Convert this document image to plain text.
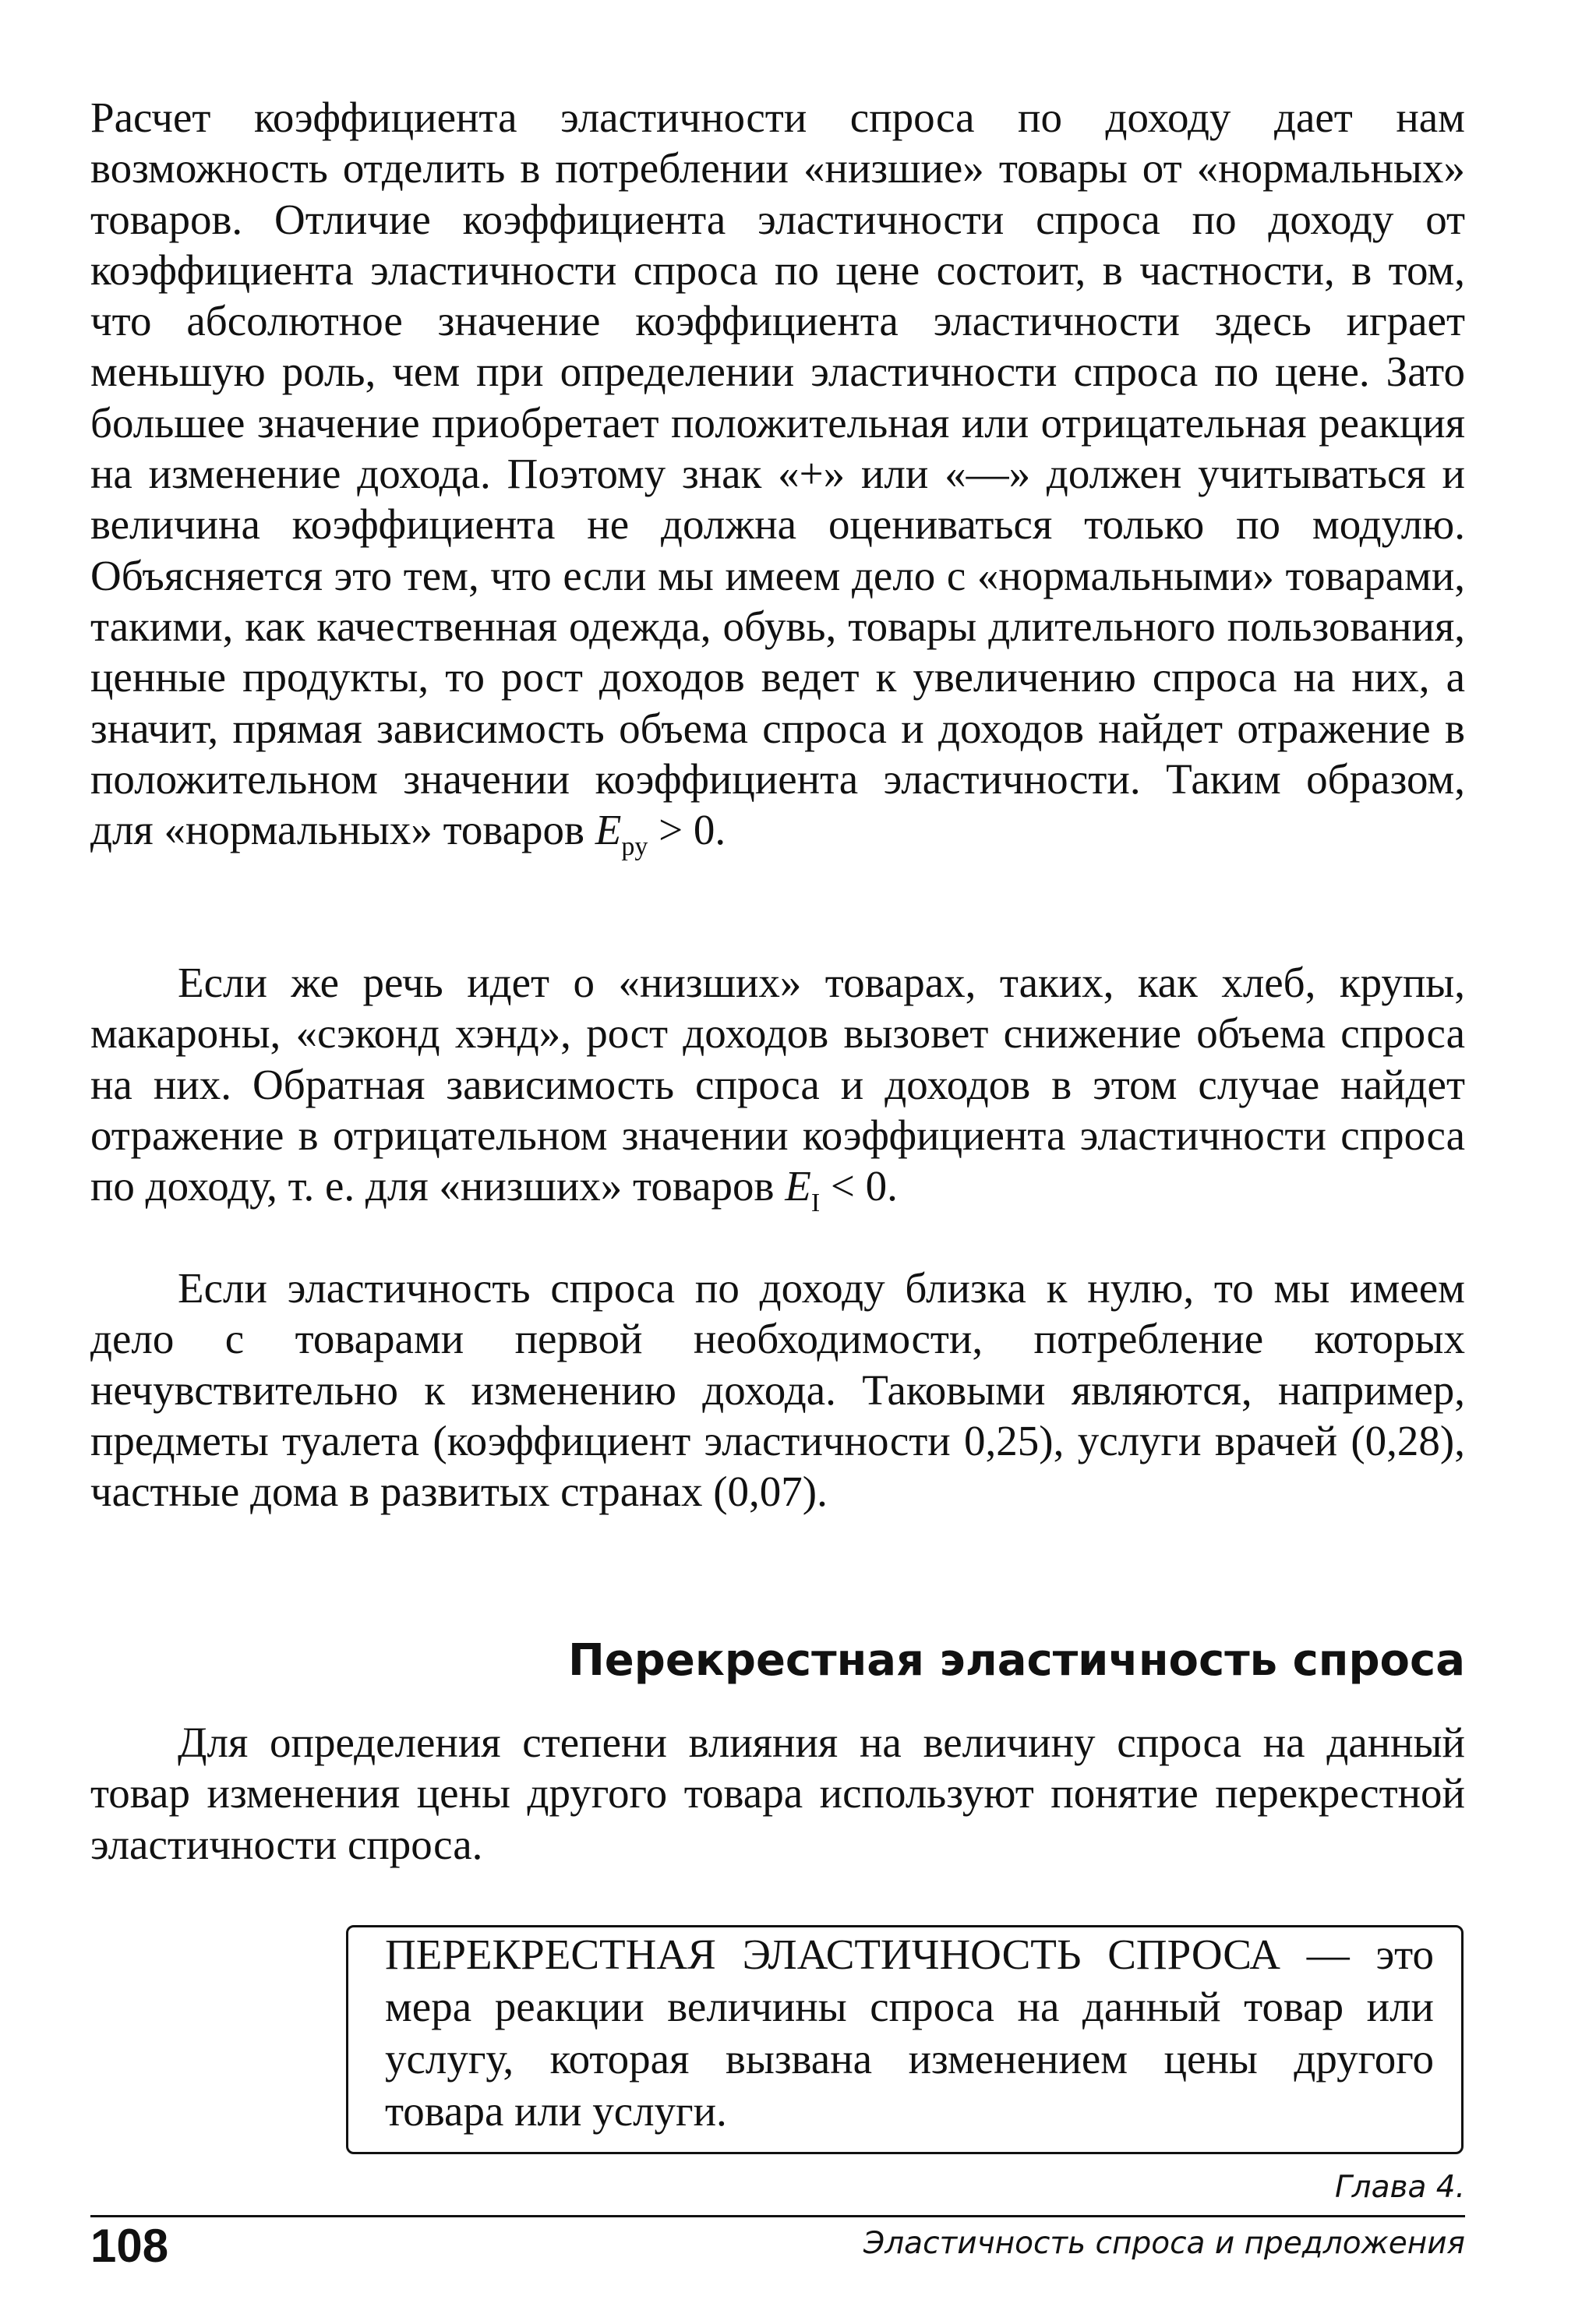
Расчет коэффициента эластичности спроса по доходу дает нам возможность отделить в потреблении «низшие» товары от «нормальных» товаров. Отличие коэффициента эластичности спроса по доходу от коэффициента эластичности спроса по цене состоит, в частности, в том, что абсолютное значение коэффициента эластичности здесь играет меньшую роль, чем при определении эластичности спроса по цене. Зато большее значение приобретает положительная или отрицательная реакция на изменение дохода. Поэтому знак «+» или «—» должен учитываться и величина коэффициента не должна оцениваться только по модулю. Объясняется это тем, что если мы имеем дело с «нормальными» товарами, такими, как качественная одежда, обувь, товары длительного пользования, ценные продукты, то рост доходов ведет к увеличению спроса на них, а значит, прямая зависимость объема спроса и доходов найдет отражение в положительном значении коэффициента эластичности. Таким образом, для «нормальных» товаров $E_{py} > 0$.

Если же речь идет о «низших» товарах, таких, как хлеб, крупы, макароны, «сэконд хэнд», рост доходов вызовет снижение объема спроса на них. Обратная зависимость спроса и доходов в этом случае найдет отражение в отрицательном значении коэффициента эластичности спроса по доходу, т. е. для «низших» товаров $E_I < 0$.

Если эластичность спроса по доходу близка к нулю, то мы имеем дело с товарами первой необходимости, потребление которых нечувствительно к изменению дохода. Таковыми являются, например, предметы туалета (коэффициент эластичности 0,25), услуги врачей (0,28), частные дома в развитых странах (0,07).

Перекрестная эластичность спроса

Для определения степени влияния на величину спроса на данный товар изменения цены другого товара используют понятие перекрестной эластичности спроса.

ПЕРЕКРЕСТНАЯ ЭЛАСТИЧНОСТЬ СПРОСА — это мера реакции величины спроса на данный товар или услугу, которая вызвана изменением цены другого товара или услуги.

108

Глава 4.

Эластичность спроса и предложения
